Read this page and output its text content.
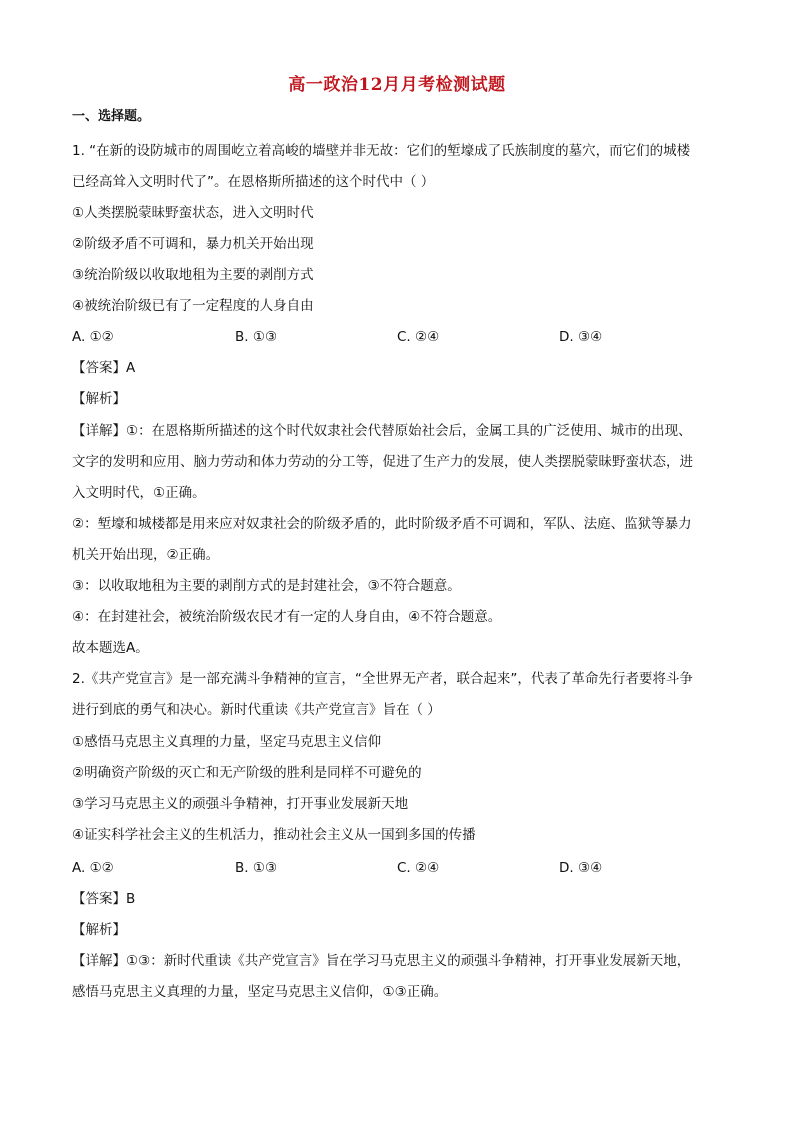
高一政治12月月考检测试题
一、选择题。
1. “在新的设防城市的周围屹立着高峻的墙壁并非无故：它们的堑壕成了氏族制度的墓穴，而它们的城楼
已经高耸入文明时代了”。在恩格斯所描述的这个时代中（ ）
①人类摆脱蒙昧野蛮状态，进入文明时代
②阶级矛盾不可调和，暴力机关开始出现
③统治阶级以收取地租为主要的剥削方式
④被统治阶级已有了一定程度的人身自由
A. ①②	B. ①③	C. ②④	D. ③④
【答案】A
【解析】
【详解】①：在恩格斯所描述的这个时代奴隶社会代替原始社会后，金属工具的广泛使用、城市的出现、
文字的发明和应用、脑力劳动和体力劳动的分工等，促进了生产力的发展，使人类摆脱蒙昧野蛮状态，进
入文明时代，①正确。
②：堑壕和城楼都是用来应对奴隶社会的阶级矛盾的，此时阶级矛盾不可调和，军队、法庭、监狱等暴力
机关开始出现，②正确。
③：以收取地租为主要的剥削方式的是封建社会，③不符合题意。
④：在封建社会，被统治阶级农民才有一定的人身自由，④不符合题意。
故本题选A。
2.《共产党宣言》是一部充满斗争精神的宣言，“全世界无产者，联合起来”，代表了革命先行者要将斗争
进行到底的勇气和决心。新时代重读《共产党宣言》旨在（ ）
①感悟马克思主义真理的力量，坚定马克思主义信仰
②明确资产阶级的灭亡和无产阶级的胜利是同样不可避免的
③学习马克思主义的顽强斗争精神，打开事业发展新天地
④证实科学社会主义的生机活力，推动社会主义从一国到多国的传播
A. ①②	B. ①③	C. ②④	D. ③④
【答案】B
【解析】
【详解】①③：新时代重读《共产党宣言》旨在学习马克思主义的顽强斗争精神，打开事业发展新天地，
感悟马克思主义真理的力量，坚定马克思主义信仰，①③正确。
